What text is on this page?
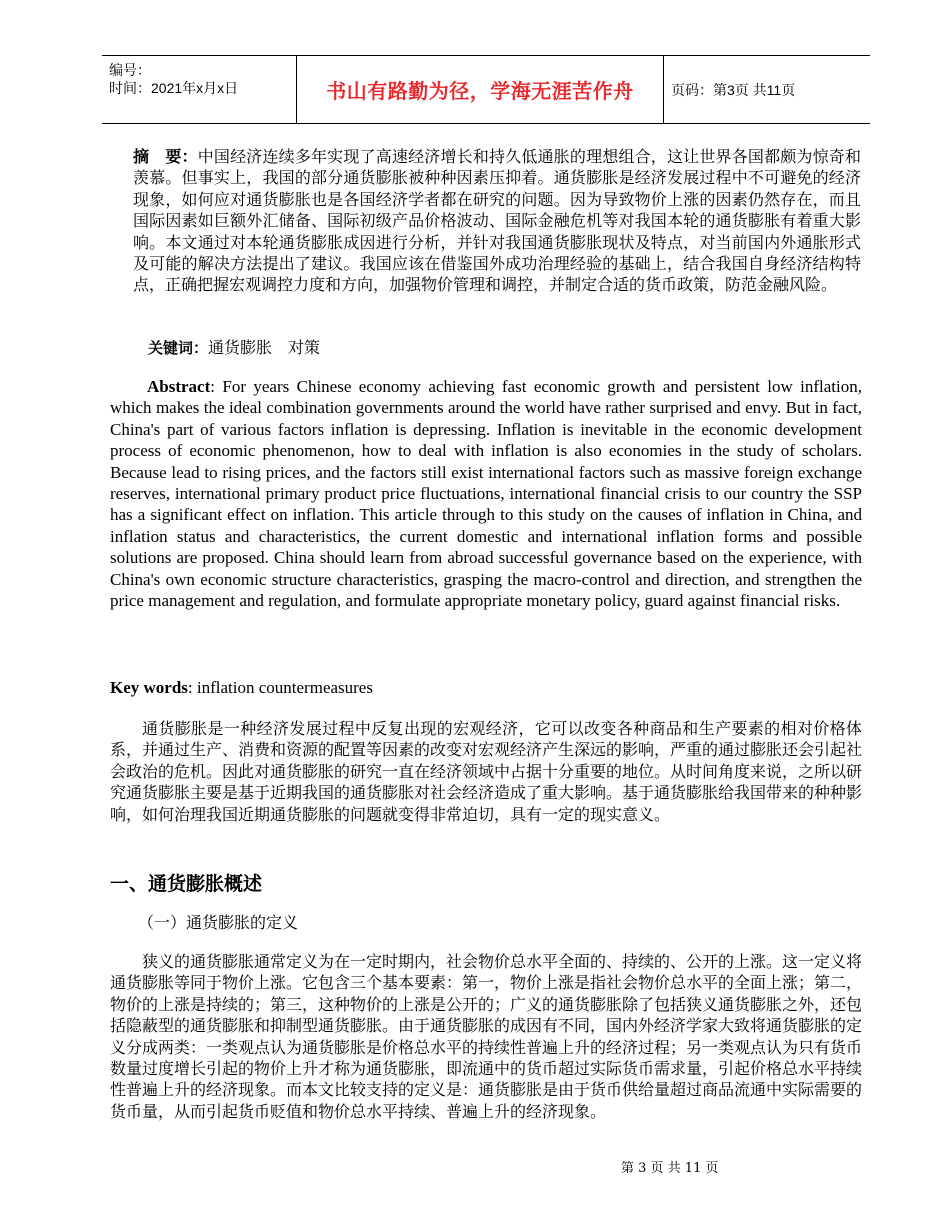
编号：
时间：2021年x月x日	书山有路勤为径，学海无涯苦作舟	页码：第3页 共11页
摘　要：中国经济连续多年实现了高速经济增长和持久低通胀的理想组合，这让世界各国都颇为惊奇和羡慕。但事实上，我国的部分通货膨胀被种种因素压抑着。通货膨胀是经济发展过程中不可避免的经济现象，如何应对通货膨胀也是各国经济学者都在研究的问题。因为导致物价上涨的因素仍然存在，而且国际因素如巨额外汇储备、国际初级产品价格波动、国际金融危机等对我国本轮的通货膨胀有着重大影响。本文通过对本轮通货膨胀成因进行分析，并针对我国通货膨胀现状及特点，对当前国内外通胀形式及可能的解决方法提出了建议。我国应该在借鉴国外成功治理经验的基础上，结合我国自身经济结构特点，正确把握宏观调控力度和方向，加强物价管理和调控，并制定合适的货币政策，防范金融风险。
关键词：通货膨胀　对策
Abstract: For years Chinese economy achieving fast economic growth and persistent low inflation, which makes the ideal combination governments around the world have rather surprised and envy. But in fact, China's part of various factors inflation is depressing. Inflation is inevitable in the economic development process of economic phenomenon, how to deal with inflation is also economies in the study of scholars. Because lead to rising prices, and the factors still exist international factors such as massive foreign exchange reserves, international primary product price fluctuations, international financial crisis to our country the SSP has a significant effect on inflation. This article through to this study on the causes of inflation in China, and inflation status and characteristics, the current domestic and international inflation forms and possible solutions are proposed. China should learn from abroad successful governance based on the experience, with China's own economic structure characteristics, grasping the macro-control and direction, and strengthen the price management and regulation, and formulate appropriate monetary policy, guard against financial risks.
Key words: inflation countermeasures
通货膨胀是一种经济发展过程中反复出现的宏观经济，它可以改变各种商品和生产要素的相对价格体系，并通过生产、消费和资源的配置等因素的改变对宏观经济产生深远的影响，严重的通过膨胀还会引起社会政治的危机。因此对通货膨胀的研究一直在经济领域中占据十分重要的地位。从时间角度来说，之所以研究通货膨胀主要是基于近期我国的通货膨胀对社会经济造成了重大影响。基于通货膨胀给我国带来的种种影响，如何治理我国近期通货膨胀的问题就变得非常迫切，具有一定的现实意义。
一、通货膨胀概述
（一）通货膨胀的定义
狭义的通货膨胀通常定义为在一定时期内，社会物价总水平全面的、持续的、公开的上涨。这一定义将通货膨胀等同于物价上涨。它包含三个基本要素：第一，物价上涨是指社会物价总水平的全面上涨；第二，物价的上涨是持续的；第三，这种物价的上涨是公开的；广义的通货膨胀除了包括狭义通货膨胀之外，还包括隐蔽型的通货膨胀和抑制型通货膨胀。由于通货膨胀的成因有不同，国内外经济学家大致将通货膨胀的定义分成两类：一类观点认为通货膨胀是价格总水平的持续性普遍上升的经济过程；另一类观点认为只有货币数量过度增长引起的物价上升才称为通货膨胀，即流通中的货币超过实际货币需求量，引起价格总水平持续性普遍上升的经济现象。而本文比较支持的定义是：通货膨胀是由于货币供给量超过商品流通中实际需要的货币量，从而引起货币贬值和物价总水平持续、普遍上升的经济现象。
第 3 页 共 11 页
